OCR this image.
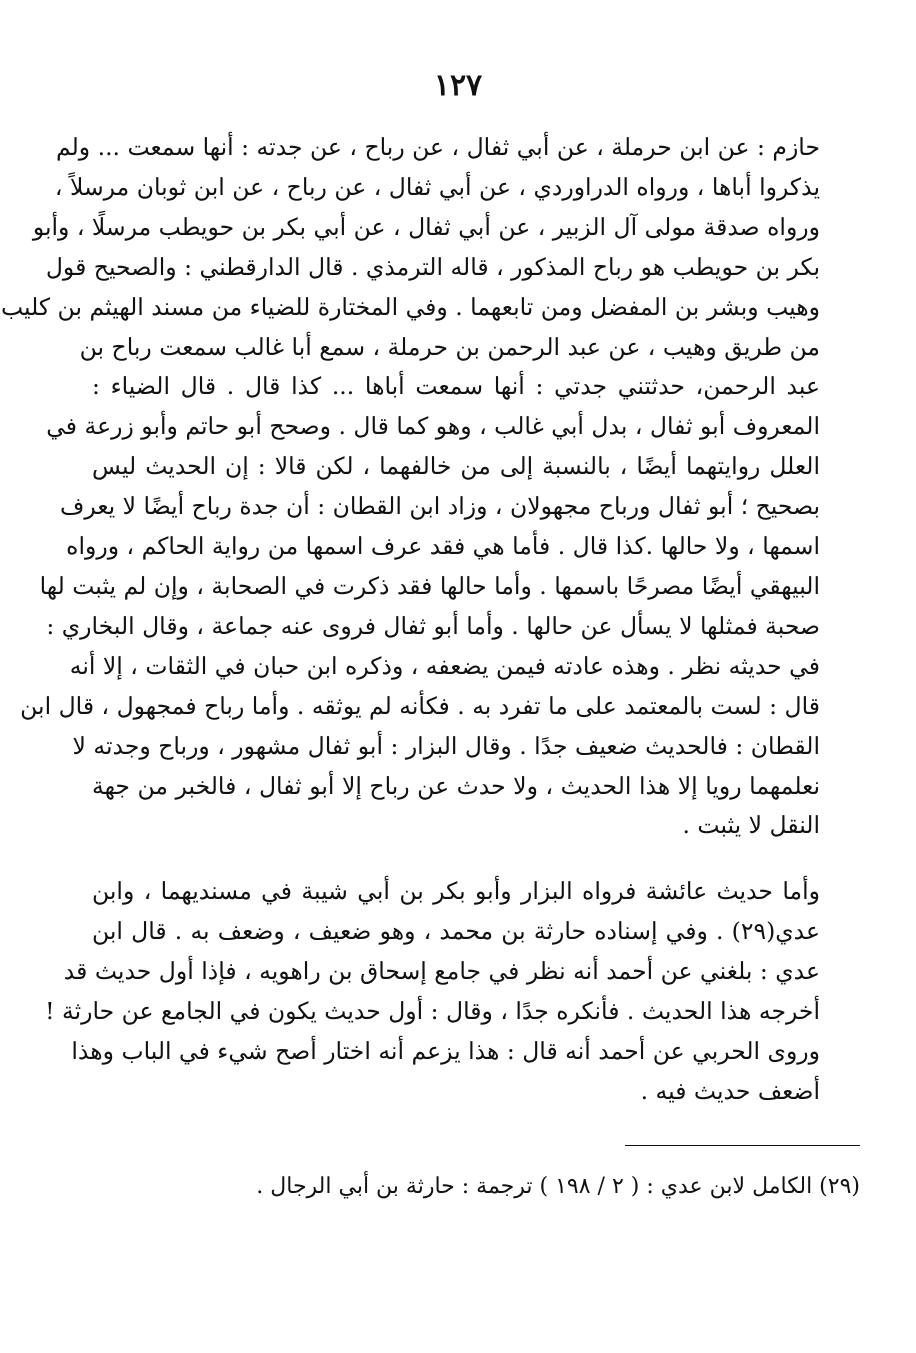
١٢٧
حازم : عن ابن حرملة ، عن أبي ثفال ، عن رباح ، عن جدته : أنها سمعت ... ولم
يذكروا أباها ، ورواه الدراوردي ، عن أبي ثفال ، عن رباح ، عن ابن ثوبان مرسلاً ،
ورواه صدقة مولى آل الزبير ، عن أبي ثفال ، عن أبي بكر بن حويطب مرسلًا ، وأبو
بكر بن حويطب هو رباح المذكور ، قاله الترمذي . قال الدارقطني : والصحيح قول
وهيب وبشر بن المفضل ومن تابعهما . وفي المختارة للضياء من مسند الهيثم بن كليب
من طريق وهيب ، عن عبد الرحمن بن حرملة ، سمع أبا غالب سمعت رباح بن
عبد الرحمن، حدثتني جدتي : أنها سمعت أباها ... كذا قال . قال الضياء :
المعروف أبو ثفال ، بدل أبي غالب ، وهو كما قال . وصحح أبو حاتم وأبو زرعة في
العلل روايتهما أيضًا ، بالنسبة إلى من خالفهما ، لكن قالا : إن الحديث ليس
بصحيح ؛ أبو ثفال ورباح مجهولان ، وزاد ابن القطان : أن جدة رباح أيضًا لا يعرف
اسمها ، ولا حالها .كذا قال . فأما هي فقد عرف اسمها من رواية الحاكم ، ورواه
البيهقي أيضًا مصرحًا باسمها . وأما حالها فقد ذكرت في الصحابة ، وإن لم يثبت لها
صحبة فمثلها لا يسأل عن حالها . وأما أبو ثفال فروى عنه جماعة ، وقال البخاري :
في حديثه نظر . وهذه عادته فيمن يضعفه ، وذكره ابن حبان في الثقات ، إلا أنه
قال : لست بالمعتمد على ما تفرد به . فكأنه لم يوثقه . وأما رباح فمجهول ، قال ابن
القطان : فالحديث ضعيف جدًا . وقال البزار : أبو ثفال مشهور ، ورباح وجدته لا
نعلمهما رويا إلا هذا الحديث ، ولا حدث عن رباح إلا أبو ثفال ، فالخبر من جهة
النقل لا يثبت .
وأما حديث عائشة فرواه البزار وأبو بكر بن أبي شيبة في مسنديهما ، وابن
عدي(٢٩) . وفي إسناده حارثة بن محمد ، وهو ضعيف ، وضعف به . قال ابن
عدي : بلغني عن أحمد أنه نظر في جامع إسحاق بن راهويه ، فإذا أول حديث قد
أخرجه هذا الحديث . فأنكره جدًا ، وقال : أول حديث يكون في الجامع عن حارثة !
وروى الحربي عن أحمد أنه قال : هذا يزعم أنه اختار أصح شيء في الباب وهذا
أضعف حديث فيه .
(٢٩) الكامل لابن عدي : ( ٢ / ١٩٨ ) ترجمة : حارثة بن أبي الرجال .
